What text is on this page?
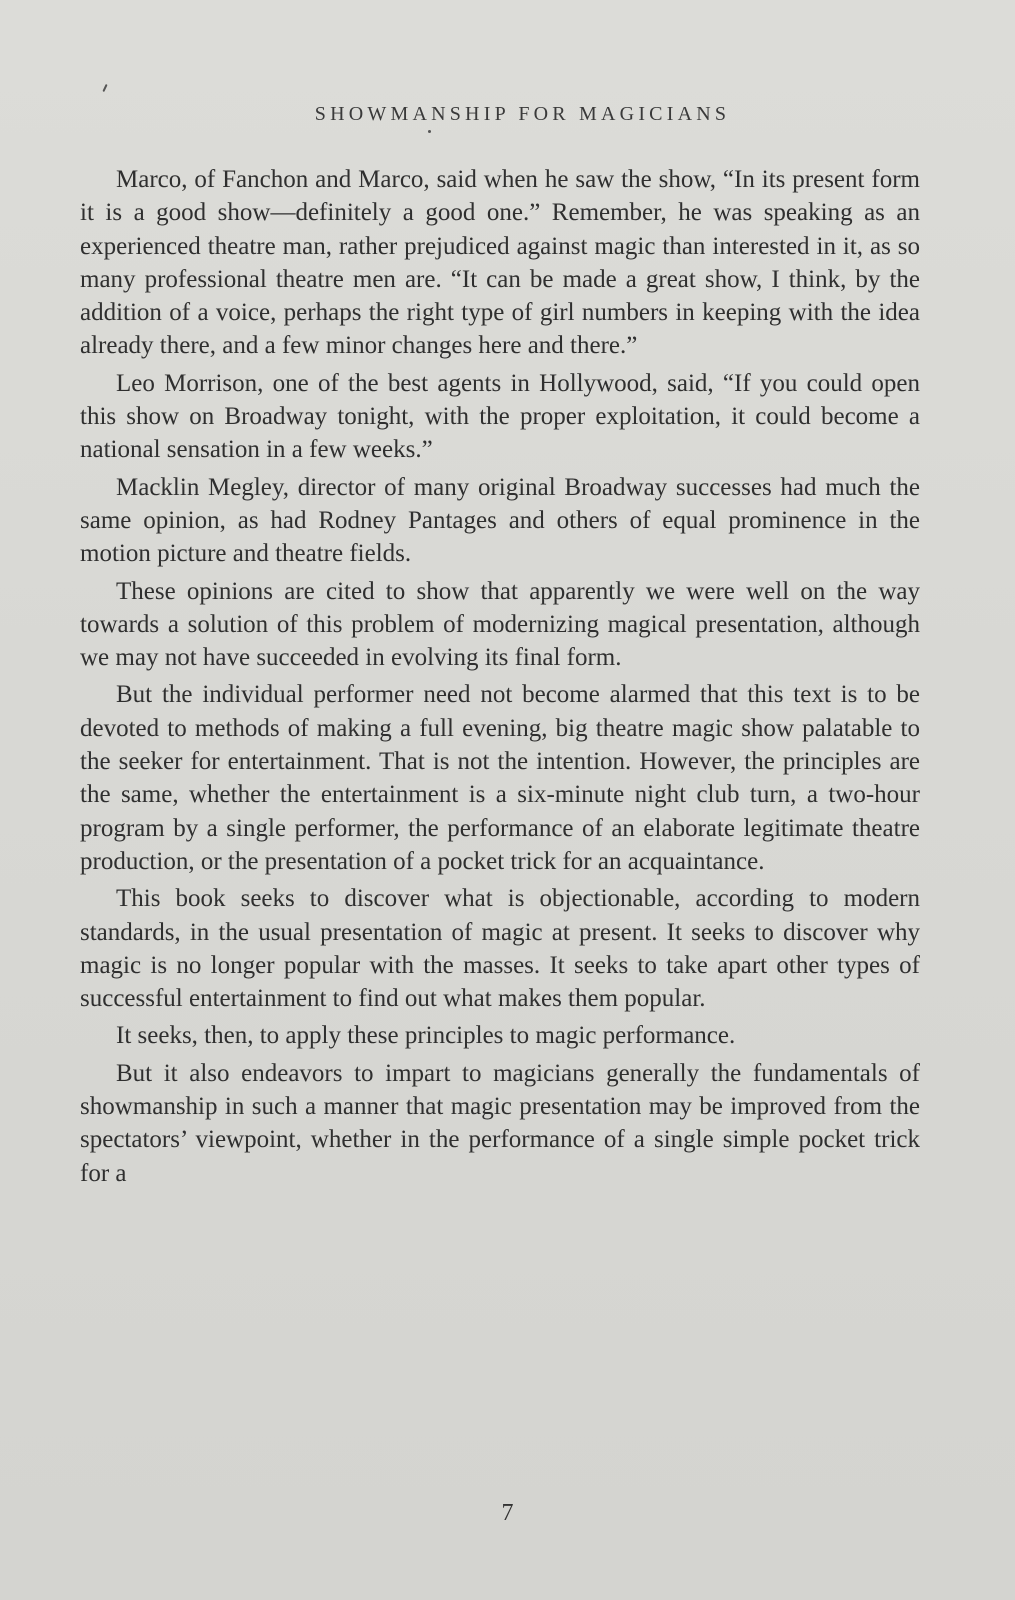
SHOWMANSHIP FOR MAGICIANS

Marco, of Fanchon and Marco, said when he saw the show, “In its present form it is a good show—definitely a good one.” Remember, he was speaking as an experienced theatre man, rather prejudiced against magic than interested in it, as so many professional theatre men are. “It can be made a great show, I think, by the addition of a voice, perhaps the right type of girl numbers in keeping with the idea already there, and a few minor changes here and there.”

Leo Morrison, one of the best agents in Hollywood, said, “If you could open this show on Broadway tonight, with the proper exploitation, it could become a national sensation in a few weeks.”

Macklin Megley, director of many original Broadway successes had much the same opinion, as had Rodney Pantages and others of equal prominence in the motion picture and theatre fields.

These opinions are cited to show that apparently we were well on the way towards a solution of this problem of modernizing magical presentation, although we may not have succeeded in evolving its final form.

But the individual performer need not become alarmed that this text is to be devoted to methods of making a full evening, big theatre magic show palatable to the seeker for entertainment. That is not the intention. However, the principles are the same, whether the entertainment is a six-minute night club turn, a two-hour program by a single performer, the performance of an elaborate legitimate theatre production, or the presentation of a pocket trick for an acquaintance.

This book seeks to discover what is objectionable, according to modern standards, in the usual presentation of magic at present. It seeks to discover why magic is no longer popular with the masses. It seeks to take apart other types of successful entertainment to find out what makes them popular.

It seeks, then, to apply these principles to magic performance.

But it also endeavors to impart to magicians generally the fundamentals of showmanship in such a manner that magic presentation may be improved from the spectators’ viewpoint, whether in the performance of a single simple pocket trick for a

7
